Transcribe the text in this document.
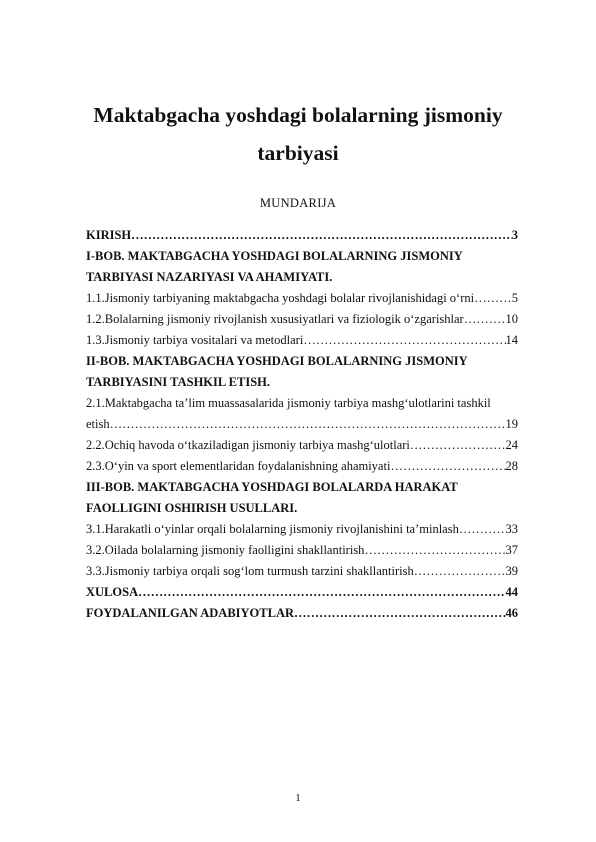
Maktabgacha yoshdagi bolalarning jismoniy
tarbiyasi
MUNDARIJA
3
KIRISH
……………………………………………………………………………………………………………………………………………………
I-BOB. MAKTABGACHA YOSHDAGI BOLALARNING JISMONIY
TARBIYASI NAZARIYASI VA AHAMIYATI.
5
1.1.Jismoniy tarbiyaning maktabgacha yoshdagi bolalar rivojlanishidagi o‘rni
……………………………………………………………………………………………………………………………………………………
10
1.2.Bolalarning jismoniy rivojlanish xususiyatlari va fiziologik o‘zgarishlar
……………………………………………………………………………………………………………………………………………………
14
1.3.Jismoniy tarbiya vositalari va metodlari
……………………………………………………………………………………………………………………………………………………
II-BOB. MAKTABGACHA YOSHDAGI BOLALARNING JISMONIY
TARBIYASINI TASHKIL ETISH.
2.1.Maktabgacha ta’lim muassasalarida jismoniy tarbiya mashg‘ulotlarini tashkil
19
etish
……………………………………………………………………………………………………………………………………………………
24
2.2.Ochiq havoda o‘tkaziladigan jismoniy tarbiya mashg‘ulotlari
……………………………………………………………………………………………………………………………………………………
28
2.3.O‘yin va sport elementlaridan foydalanishning ahamiyati
……………………………………………………………………………………………………………………………………………………
III-BOB. MAKTABGACHA YOSHDAGI BOLALARDA HARAKAT
FAOLLIGINI OSHIRISH USULLARI.
33
3.1.Harakatli o‘yinlar orqali bolalarning jismoniy rivojlanishini ta’minlash
……………………………………………………………………………………………………………………………………………………
37
3.2.Oilada bolalarning jismoniy faolligini shakllantirish
……………………………………………………………………………………………………………………………………………………
39
3.3.Jismoniy tarbiya orqali sog‘lom turmush tarzini shakllantirish
……………………………………………………………………………………………………………………………………………………
44
XULOSA
……………………………………………………………………………………………………………………………………………………
46
FOYDALANILGAN ADABIYOTLAR
……………………………………………………………………………………………………………………………………………………
1
